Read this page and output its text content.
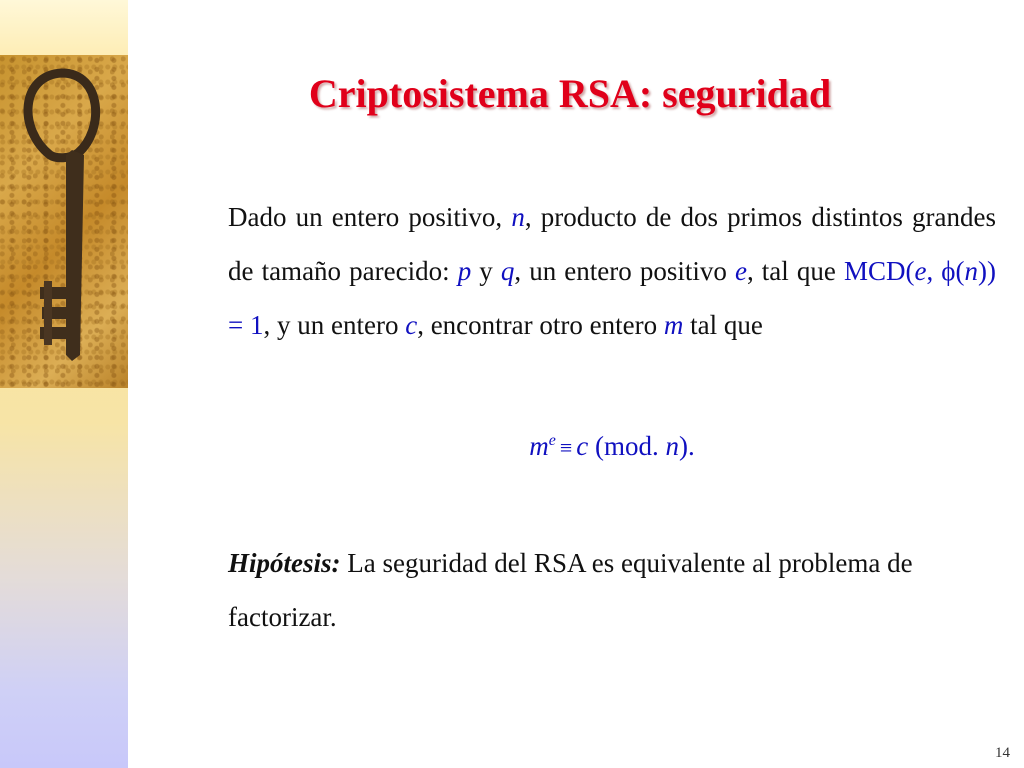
Criptosistema RSA: seguridad

Dado un entero positivo, n, producto de dos primos distintos grandes de tamaño parecido: p y q, un entero positivo e, tal que MCD(e, ϕ(n)) = 1, y un entero c, encontrar otro entero m tal que

$m^e \equiv c$ (mod. n).

Hipótesis: La seguridad del RSA es equivalente al problema de factorizar.

14
